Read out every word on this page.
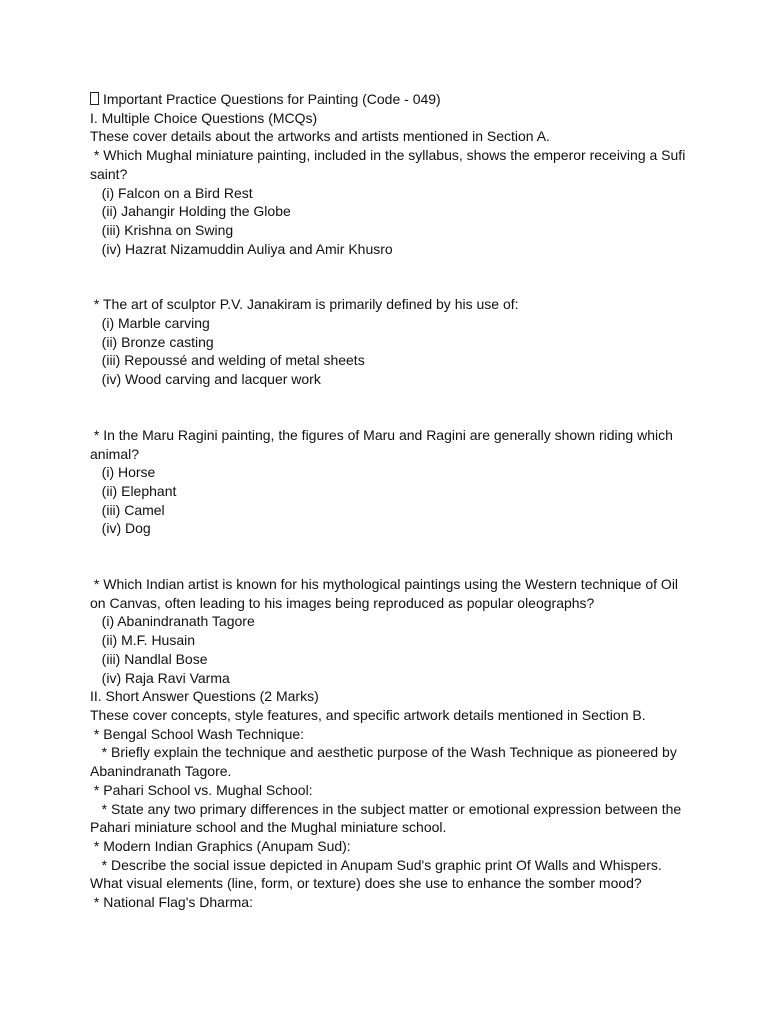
Important Practice Questions for Painting (Code - 049)
I. Multiple Choice Questions (MCQs)
These cover details about the artworks and artists mentioned in Section A.
* Which Mughal miniature painting, included in the syllabus, shows the emperor receiving a Sufi
saint?
(i) Falcon on a Bird Rest
(ii) Jahangir Holding the Globe
(iii) Krishna on Swing
(iv) Hazrat Nizamuddin Auliya and Amir Khusro
* The art of sculptor P.V. Janakiram is primarily defined by his use of:
(i) Marble carving
(ii) Bronze casting
(iii) Repoussé and welding of metal sheets
(iv) Wood carving and lacquer work
* In the Maru Ragini painting, the figures of Maru and Ragini are generally shown riding which
animal?
(i) Horse
(ii) Elephant
(iii) Camel
(iv) Dog
* Which Indian artist is known for his mythological paintings using the Western technique of Oil
on Canvas, often leading to his images being reproduced as popular oleographs?
(i) Abanindranath Tagore
(ii) M.F. Husain
(iii) Nandlal Bose
(iv) Raja Ravi Varma
II. Short Answer Questions (2 Marks)
These cover concepts, style features, and specific artwork details mentioned in Section B.
* Bengal School Wash Technique:
* Briefly explain the technique and aesthetic purpose of the Wash Technique as pioneered by
Abanindranath Tagore.
* Pahari School vs. Mughal School:
* State any two primary differences in the subject matter or emotional expression between the
Pahari miniature school and the Mughal miniature school.
* Modern Indian Graphics (Anupam Sud):
* Describe the social issue depicted in Anupam Sud's graphic print Of Walls and Whispers.
What visual elements (line, form, or texture) does she use to enhance the somber mood?
* National Flag's Dharma:
